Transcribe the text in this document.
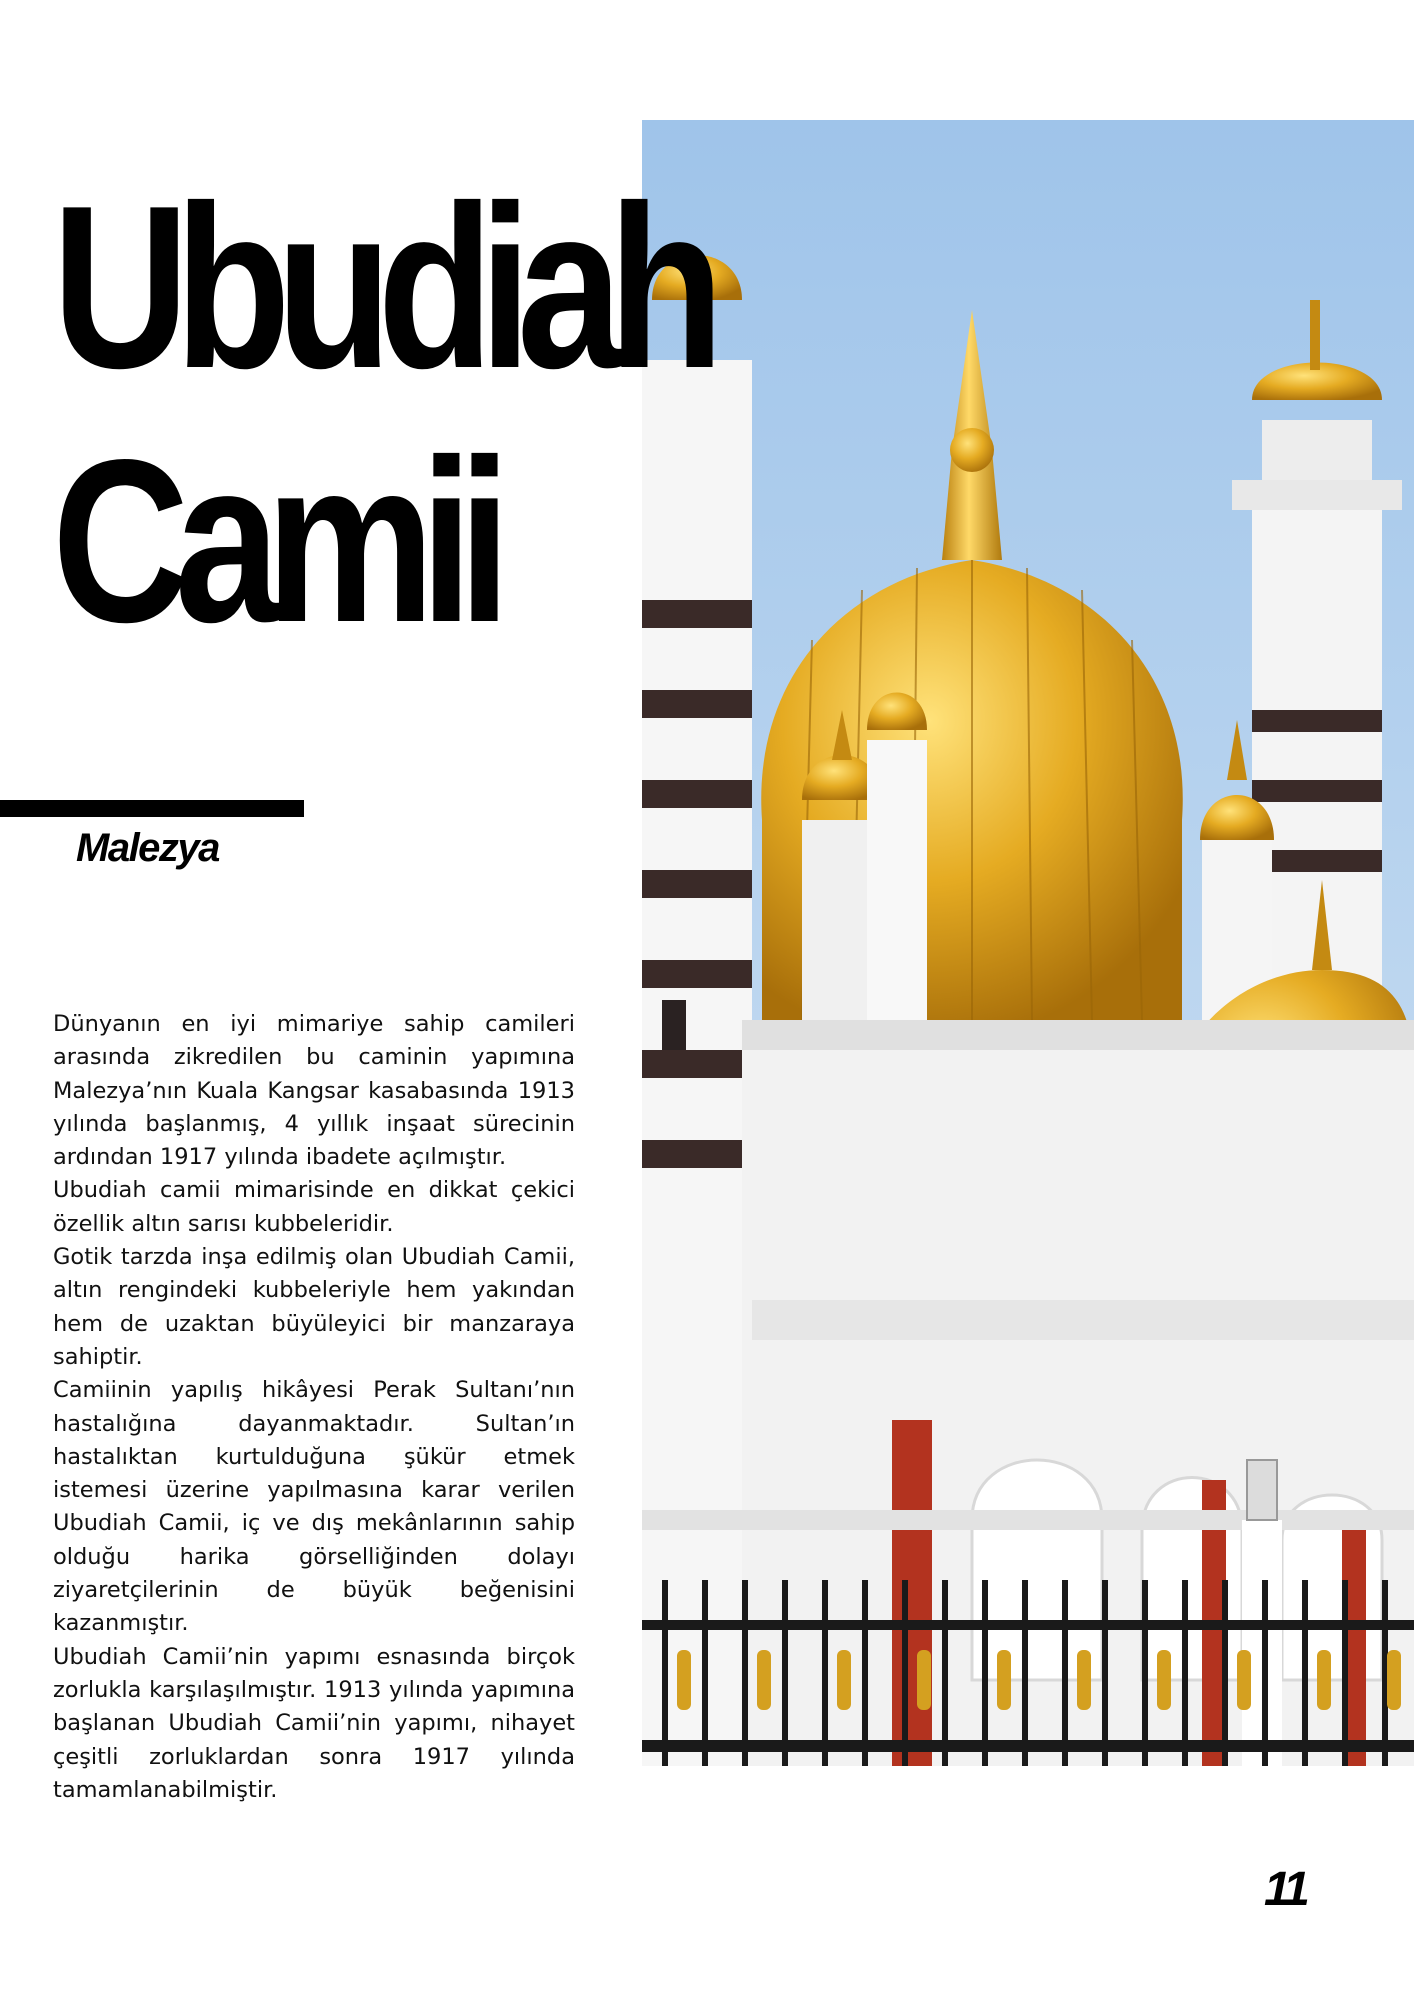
Ubudiah
Camii
Malezya

Dünyanın en iyi mimariye sahip camileri arasında zikredilen bu caminin yapımına Malezya’nın Kuala Kangsar kasabasında 1913 yılında başlanmış, 4 yıllık inşaat sürecinin ardından 1917 yılında ibadete açılmıştır.

Ubudiah camii mimarisinde en dikkat çekici özellik altın sarısı kubbeleridir.

Gotik tarzda inşa edilmiş olan Ubudiah Camii, altın rengindeki kubbeleriyle hem yakından hem de uzaktan büyüleyici bir manzaraya sahiptir.

Camiinin yapılış hikâyesi Perak Sultanı’nın hastalığına dayanmaktadır. Sultan’ın hastalıktan kurtulduğuna şükür etmek istemesi üzerine yapılmasına karar verilen Ubudiah Camii, iç ve dış mekânlarının sahip olduğu harika görselliğinden dolayı ziyaretçilerinin de büyük beğenisini kazanmıştır.

Ubudiah Camii’nin yapımı esnasında birçok zorlukla karşılaşılmıştır. 1913 yılında yapımına başlanan Ubudiah Camii’nin yapımı, nihayet çeşitli zorluklardan sonra 1917 yılında tamamlanabilmiştir.

11
